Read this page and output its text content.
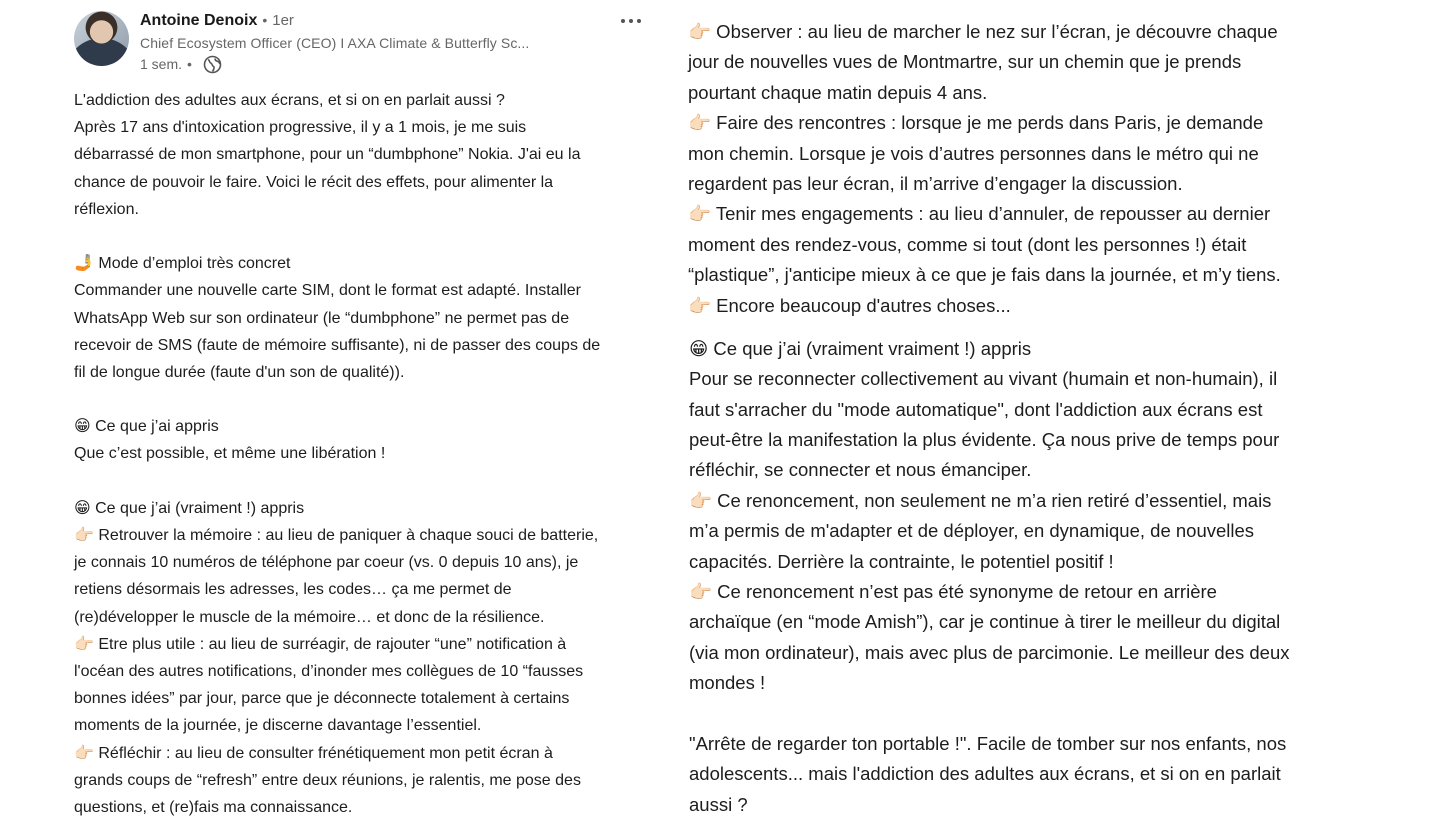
Antoine Denoix • 1er
Chief Ecosystem Officer (CEO) I AXA Climate & Butterfly Sc...
1 sem. •
L'addiction des adultes aux écrans, et si on en parlait aussi ?
Après 17 ans d'intoxication progressive, il y a 1 mois, je me suis
débarrassé de mon smartphone, pour un “dumbphone” Nokia. J'ai eu la
chance de pouvoir le faire. Voici le récit des effets, pour alimenter la
réflexion.
🤳 Mode d’emploi très concret
Commander une nouvelle carte SIM, dont le format est adapté. Installer
WhatsApp Web sur son ordinateur (le “dumbphone” ne permet pas de
recevoir de SMS (faute de mémoire suffisante), ni de passer des coups de
fil de longue durée (faute d'un son de qualité)).
😁 Ce que j’ai appris
Que c’est possible, et même une libération !
😁 Ce que j’ai (vraiment !) appris
👉🏻 Retrouver la mémoire : au lieu de paniquer à chaque souci de batterie,
je connais 10 numéros de téléphone par coeur (vs. 0 depuis 10 ans), je
retiens désormais les adresses, les codes… ça me permet de
(re)développer le muscle de la mémoire… et donc de la résilience.
👉🏻 Etre plus utile : au lieu de surréagir, de rajouter “une” notification à
l'océan des autres notifications, d’inonder mes collègues de 10 “fausses
bonnes idées” par jour, parce que je déconnecte totalement à certains
moments de la journée, je discerne davantage l’essentiel.
👉🏻 Réfléchir : au lieu de consulter frénétiquement mon petit écran à
grands coups de “refresh” entre deux réunions, je ralentis, me pose des
questions, et (re)fais ma connaissance.
👉🏻 Observer : au lieu de marcher le nez sur l’écran, je découvre chaque
jour de nouvelles vues de Montmartre, sur un chemin que je prends
pourtant chaque matin depuis 4 ans.
👉🏻 Faire des rencontres : lorsque je me perds dans Paris, je demande
mon chemin. Lorsque je vois d’autres personnes dans le métro qui ne
regardent pas leur écran, il m’arrive d’engager la discussion.
👉🏻 Tenir mes engagements : au lieu d’annuler, de repousser au dernier
moment des rendez-vous, comme si tout (dont les personnes !) était
“plastique”, j'anticipe mieux à ce que je fais dans la journée, et m’y tiens.
👉🏻 Encore beaucoup d'autres choses...
😁 Ce que j’ai (vraiment vraiment !) appris
Pour se reconnecter collectivement au vivant (humain et non-humain), il
faut s'arracher du "mode automatique", dont l'addiction aux écrans est
peut-être la manifestation la plus évidente. Ça nous prive de temps pour
réfléchir, se connecter et nous émanciper.
👉🏻 Ce renoncement, non seulement ne m’a rien retiré d’essentiel, mais
m’a permis de m'adapter et de déployer, en dynamique, de nouvelles
capacités. Derrière la contrainte, le potentiel positif !
👉🏻 Ce renoncement n’est pas été synonyme de retour en arrière
archaïque (en “mode Amish”), car je continue à tirer le meilleur du digital
(via mon ordinateur), mais avec plus de parcimonie. Le meilleur des deux
mondes !
"Arrête de regarder ton portable !". Facile de tomber sur nos enfants, nos
adolescents... mais l'addiction des adultes aux écrans, et si on en parlait
aussi ?
